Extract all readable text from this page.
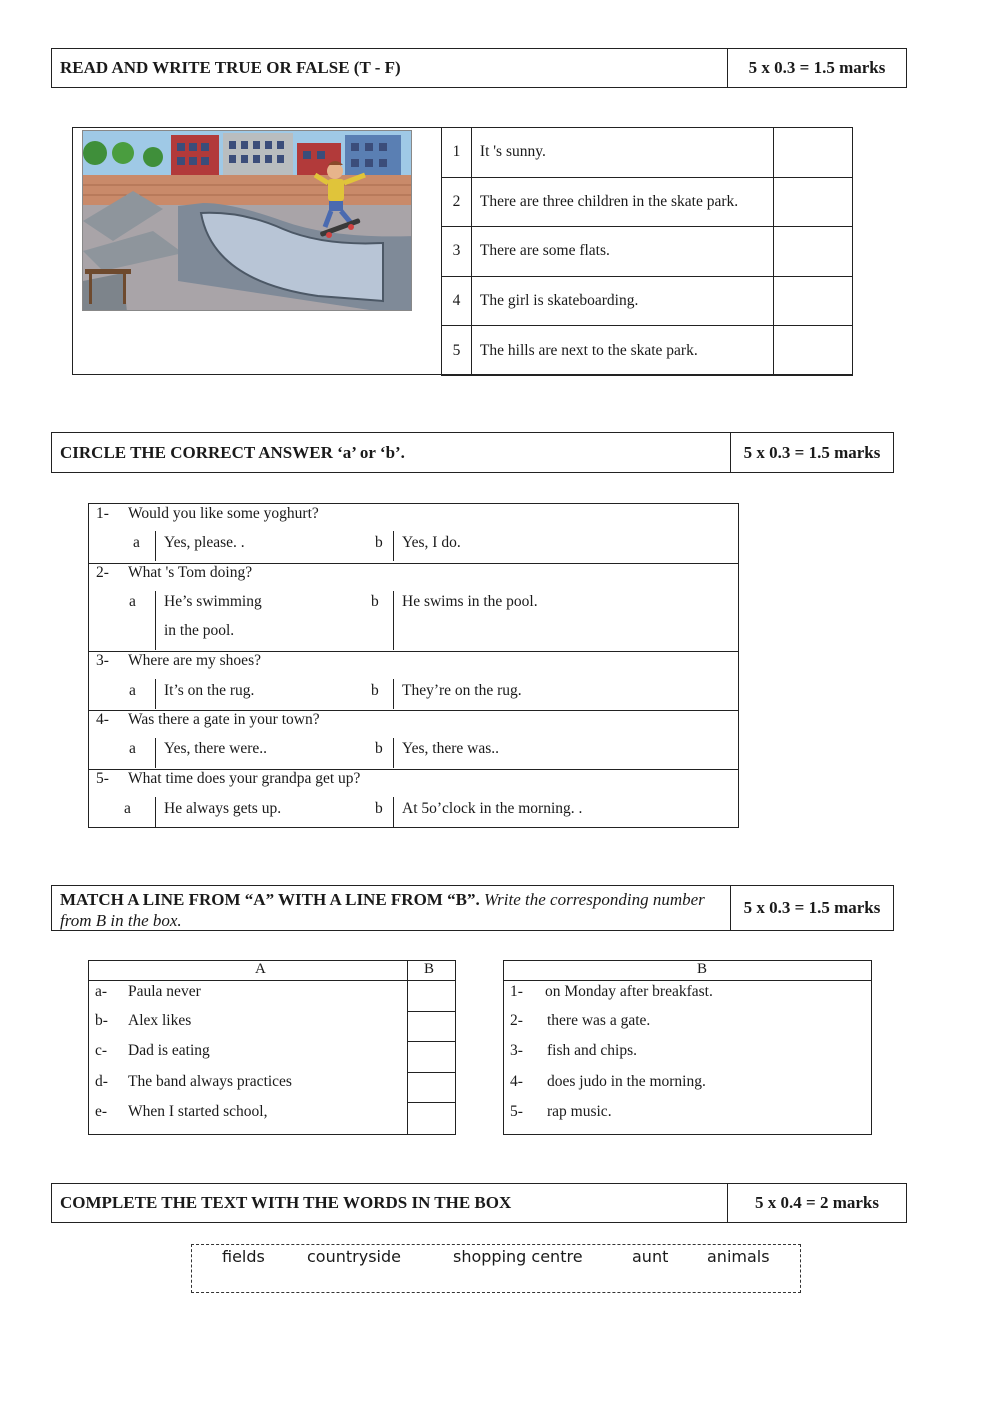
READ AND WRITE TRUE OR FALSE (T - F)	5 x 0.3 = 1.5 marks
1	It 's sunny.	
2	There are three children in the skate park.	
3	There are some flats.	
4	The girl is skateboarding.	
5	The hills are next to the skate park.	
CIRCLE THE CORRECT ANSWER ‘a’ or ‘b’.	5 x 0.3 = 1.5 marks
1- Would you like some yoghurt?
a Yes, please. .	b Yes, I do.
2- What 's Tom doing?
a He’s swimming
in the pool.
b He swims in the pool.
3- Where are my shoes?
a It’s on the rug.	b They’re on the rug.
4- Was there a gate in your town?
a Yes, there were..	b Yes, there was..
5- What time does your grandpa get up?
a He always gets up.	b At 5o’clock in the morning. .
MATCH A LINE FROM “A” WITH A LINE FROM “B”. Write the corresponding number from B in the box.
5 x 0.3 = 1.5 marks
A	B
a- Paula never
b- Alex likes
c- Dad is eating
d- The band always practices
e- When I started school,
B
1- on Monday after breakfast.
2- there was a gate.
3- fish and chips.
4- does judo in the morning.
5- rap music.
COMPLETE THE TEXT WITH THE WORDS IN THE BOX	5 x 0.4 = 2 marks
fields	countryside	shopping centre	aunt animals
